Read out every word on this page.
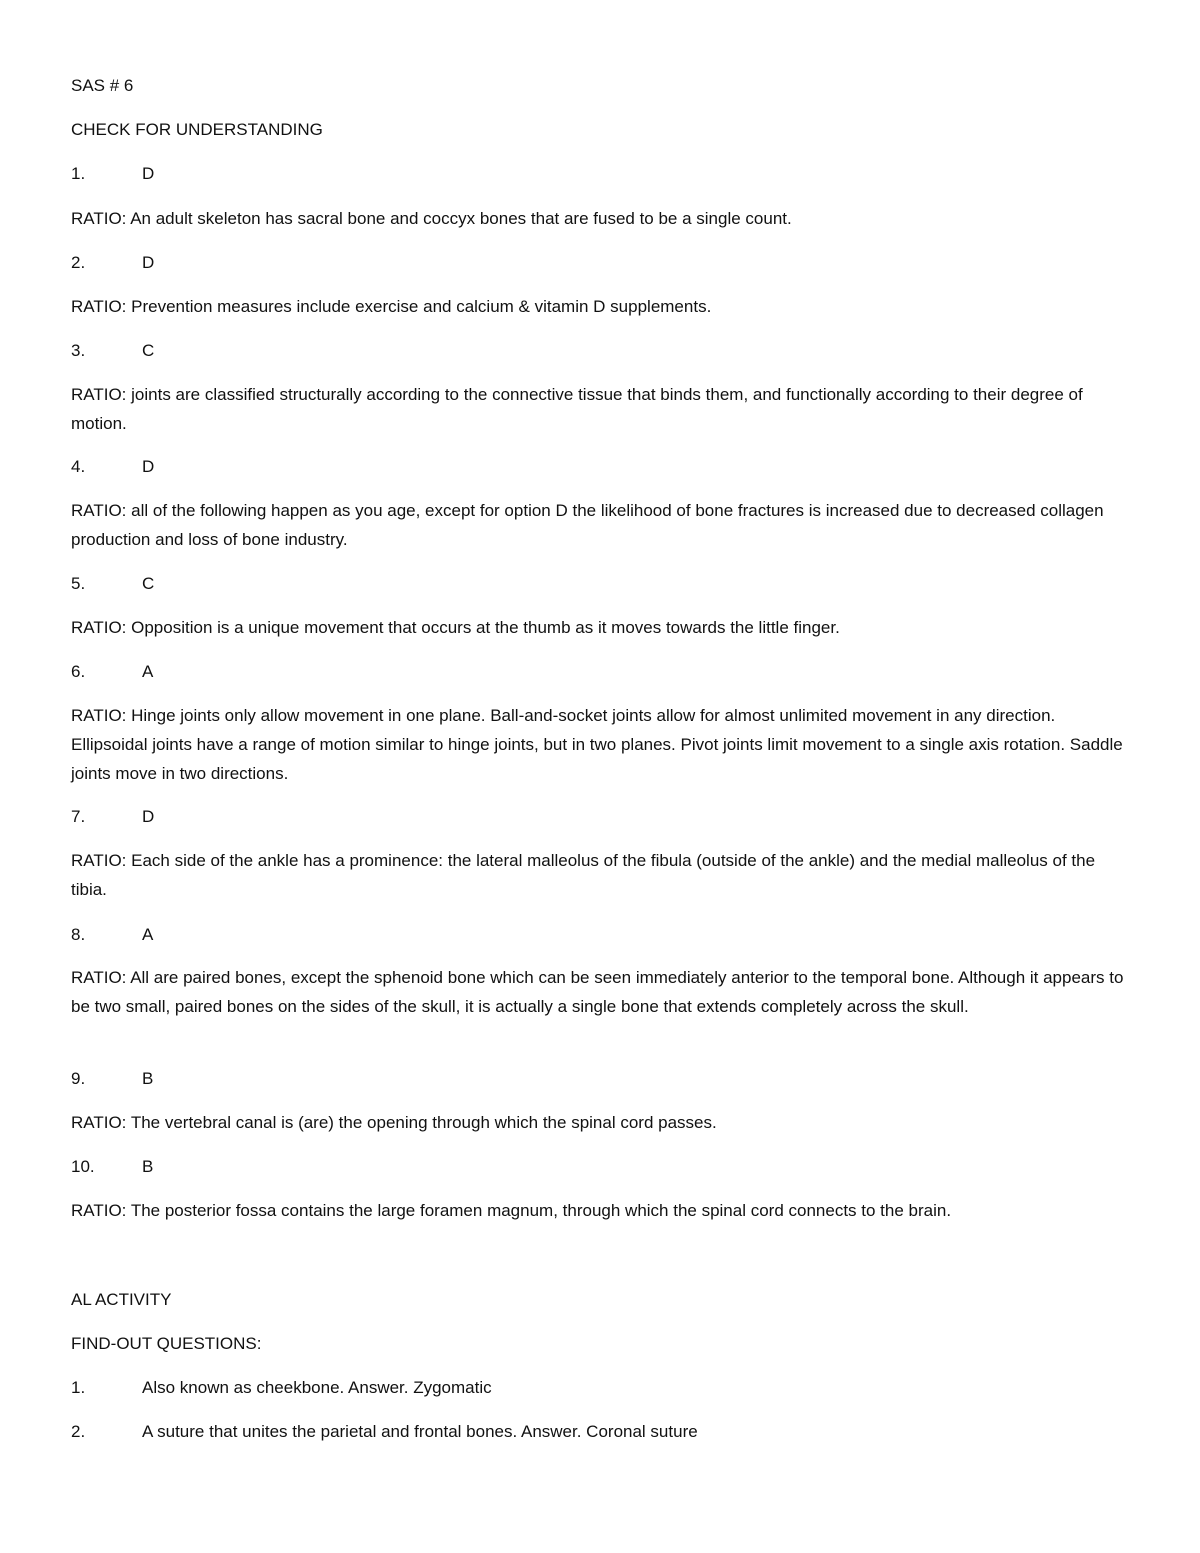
SAS # 6
CHECK FOR UNDERSTANDING
1.	D
RATIO: An adult skeleton has sacral bone and coccyx bones that are fused to be a single count.
2.	D
RATIO: Prevention measures include exercise and calcium & vitamin D supplements.
3.	C
RATIO: joints are classified structurally according to the connective tissue that binds them, and functionally according to their degree of motion.
4.	D
RATIO: all of the following happen as you age, except for option D the likelihood of bone fractures is increased due to decreased collagen production and loss of bone industry.
5.	C
RATIO: Opposition is a unique movement that occurs at the thumb as it moves towards the little finger.
6.	A
RATIO: Hinge joints only allow movement in one plane. Ball-and-socket joints allow for almost unlimited movement in any direction. Ellipsoidal joints have a range of motion similar to hinge joints, but in two planes. Pivot joints limit movement to a single axis rotation. Saddle joints move in two directions.
7.	D
RATIO: Each side of the ankle has a prominence: the lateral malleolus of the fibula (outside of the ankle) and the medial malleolus of the tibia.
8.	A
RATIO: All are paired bones, except the sphenoid bone which can be seen immediately anterior to the temporal bone. Although it appears to be two small, paired bones on the sides of the skull, it is actually a single bone that extends completely across the skull.
9.	B
RATIO: The vertebral canal is (are) the opening through which the spinal cord passes.
10.	B
RATIO: The posterior fossa contains the large foramen magnum, through which the spinal cord connects to the brain.
AL ACTIVITY
FIND-OUT QUESTIONS:
1.	Also known as cheekbone. Answer. Zygomatic
2.	A suture that unites the parietal and frontal bones. Answer. Coronal suture
